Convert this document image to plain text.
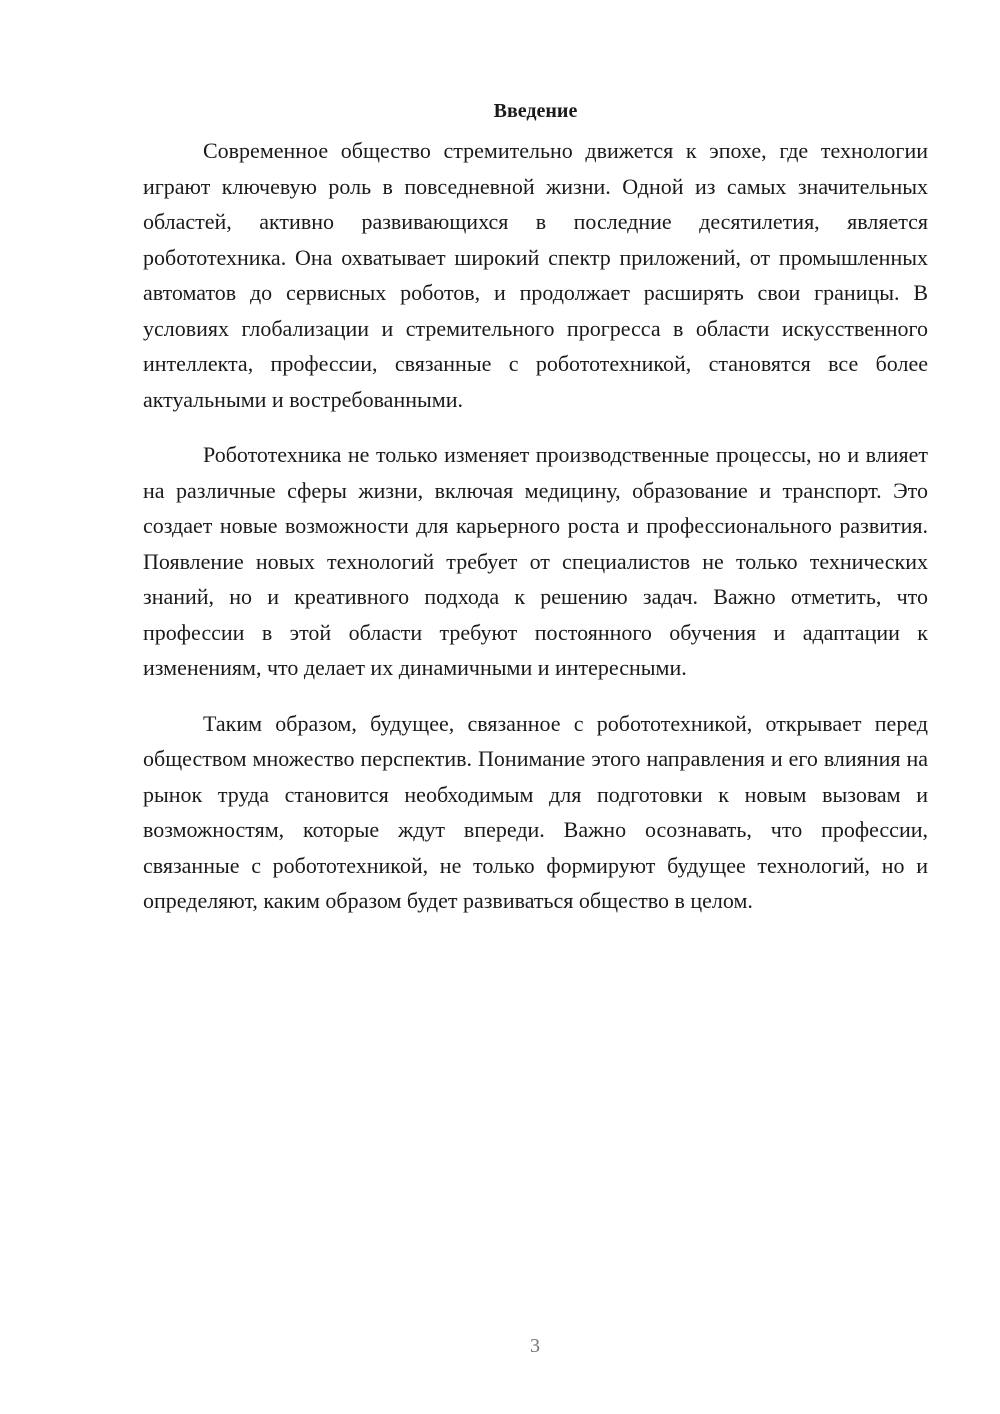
Введение

Современное общество стремительно движется к эпохе, где технологии играют ключевую роль в повседневной жизни. Одной из самых значительных областей, активно развивающихся в последние десятилетия, является робототехника. Она охватывает широкий спектр приложений, от промышленных автоматов до сервисных роботов, и продолжает расширять свои границы. В условиях глобализации и стремительного прогресса в области искусственного интеллекта, профессии, связанные с робототехникой, становятся все более актуальными и востребованными.

Робототехника не только изменяет производственные процессы, но и влияет на различные сферы жизни, включая медицину, образование и транспорт. Это создает новые возможности для карьерного роста и профессионального развития. Появление новых технологий требует от специалистов не только технических знаний, но и креативного подхода к решению задач. Важно отметить, что профессии в этой области требуют постоянного обучения и адаптации к изменениям, что делает их динамичными и интересными.

Таким образом, будущее, связанное с робототехникой, открывает перед обществом множество перспектив. Понимание этого направления и его влияния на рынок труда становится необходимым для подготовки к новым вызовам и возможностям, которые ждут впереди. Важно осознавать, что профессии, связанные с робототехникой, не только формируют будущее технологий, но и определяют, каким образом будет развиваться общество в целом.

3
